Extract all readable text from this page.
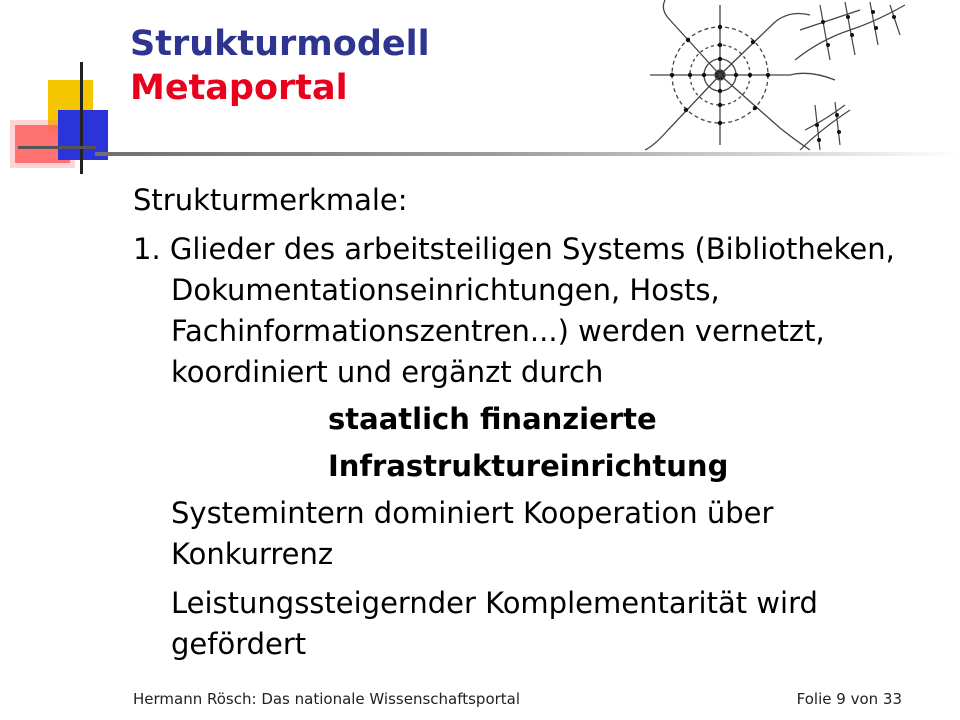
Strukturmodell
Metaportal

Strukturmerkmale:

1. Glieder des arbeitsteiligen Systems (Bibliotheken, Dokumentationseinrichtungen, Hosts, Fachinformationszentren...) werden vernetzt, koordiniert und ergänzt durch

staatlich finanzierte

Infrastruktureinrichtung

Systemintern dominiert Kooperation über Konkurrenz

Leistungssteigernder Komplementarität wird gefördert

Hermann Rösch: Das nationale Wissenschaftsportal	Folie 9 von 33
